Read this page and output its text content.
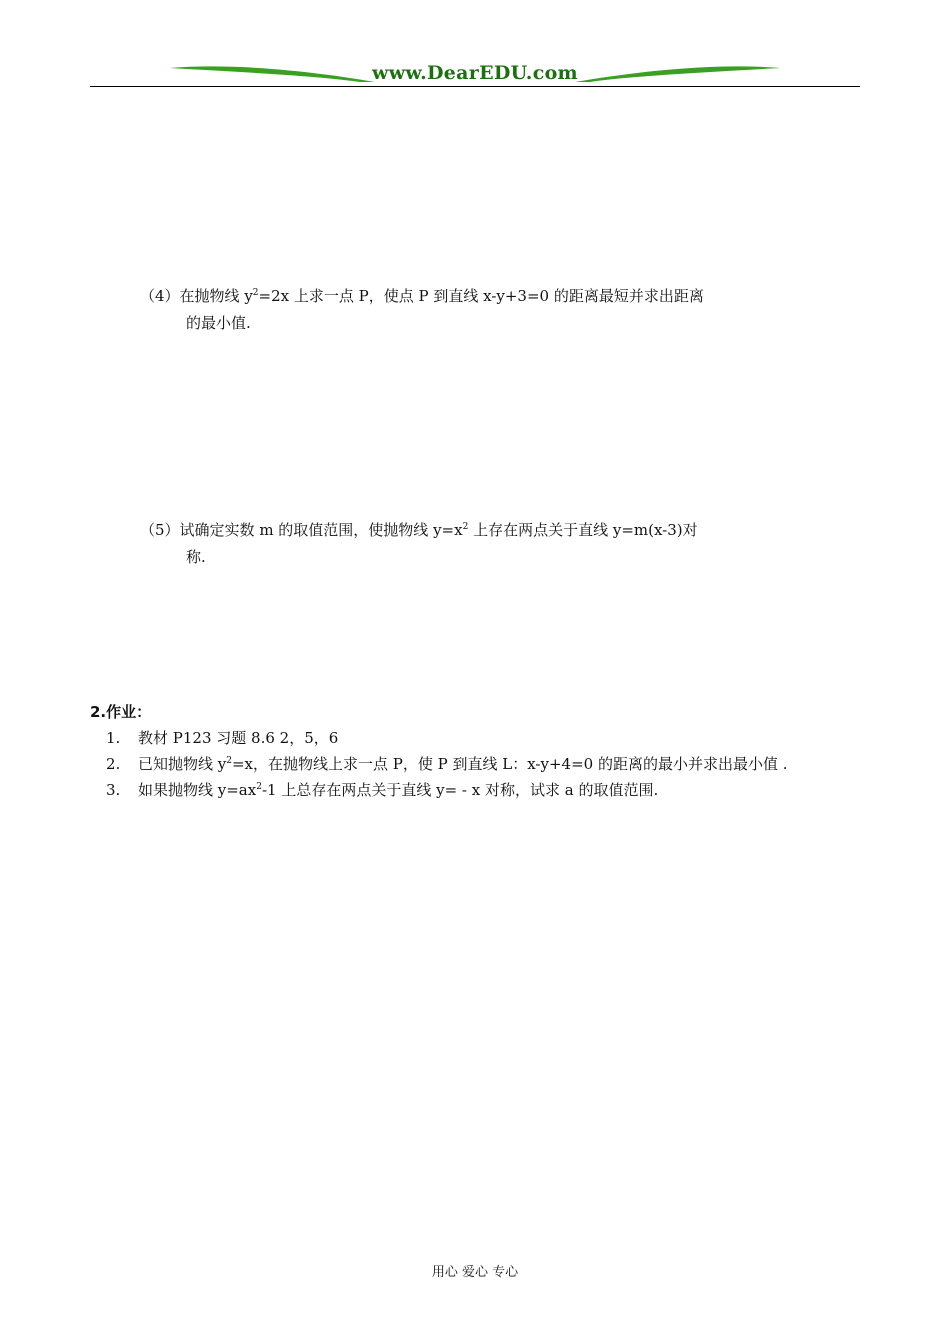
www.DearEDU.com
（4）在抛物线 $y^2=2x$ 上求一点 P，使点 P 到直线 x-y+3=0 的距离最短并求出距离
的最小值.
（5）试确定实数 m 的取值范围，使抛物线 $y=x^2$ 上存在两点关于直线 y=m(x-3)对
称.
2.作业：
1. 教材 P123 习题 8.6 2，5，6
2. 已知抛物线 $y^2=x$，在抛物线上求一点 P，使 P 到直线 L：x-y+4=0 的距离的最小并求出最小值 .
3. 如果抛物线 $y=ax^2-1$ 上总存在两点关于直线 y= - x 对称，试求 a 的取值范围.
用心 爱心 专心
